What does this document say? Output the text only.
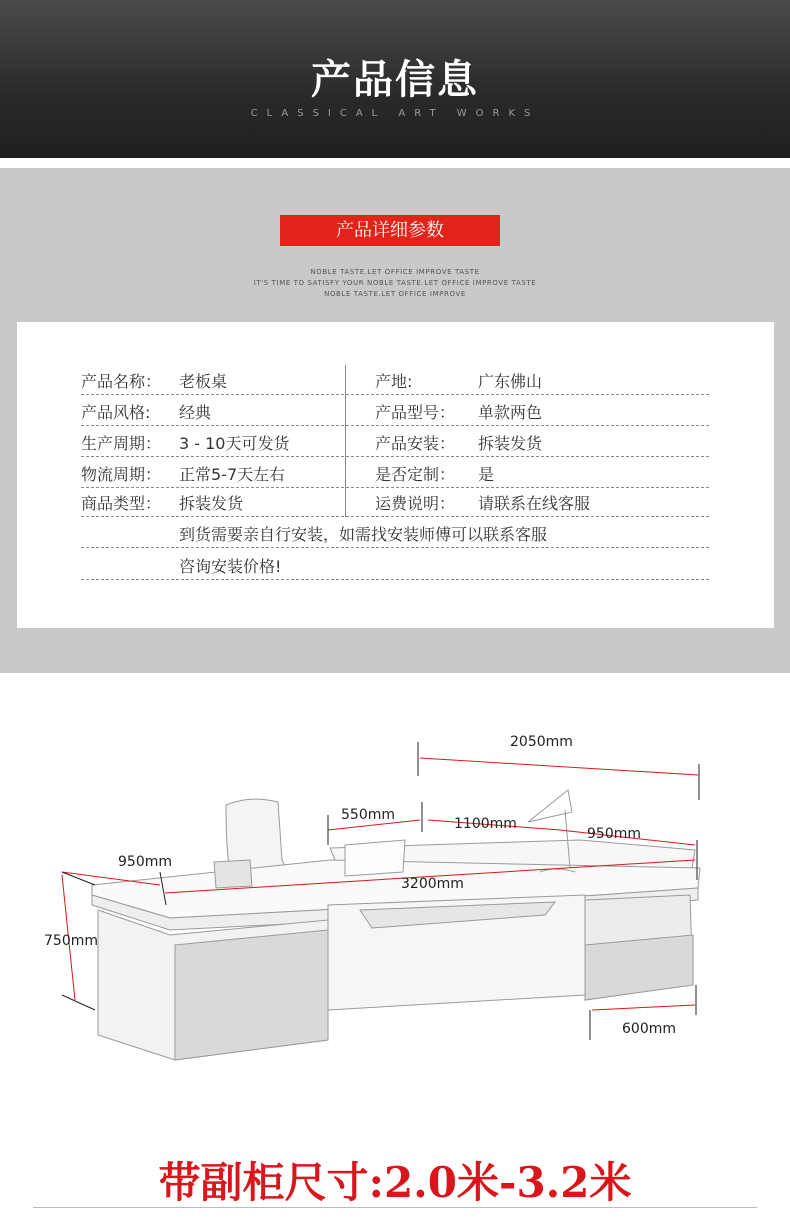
产品信息
CLASSICAL ART WORKS
产品详细参数
NOBLE TASTE.LET OFFICE IMPROVE TASTE
IT'S TIME TO SATISFY YOUR NOBLE TASTE.LET OFFICE IMPROVE TASTE
NOBLE TASTE.LET OFFICE IMPROVE
产品名称： 老板桌	产地:	广东佛山
产品风格: 经典	产品型号： 单款两色
生产周期： 3 - 10天可发货	产品安装： 拆装发货
物流周期： 正常5-7天左右	是否定制： 是
商品类型： 拆装发货	运费说明： 请联系在线客服
到货需要亲自行安装，如需找安装师傅可以联系客服
咨询安装价格!
2050mm
550mm
1100mm
950mm
950mm
3200mm
750mm
600mm
带副柜尺寸:2.0米-3.2米
